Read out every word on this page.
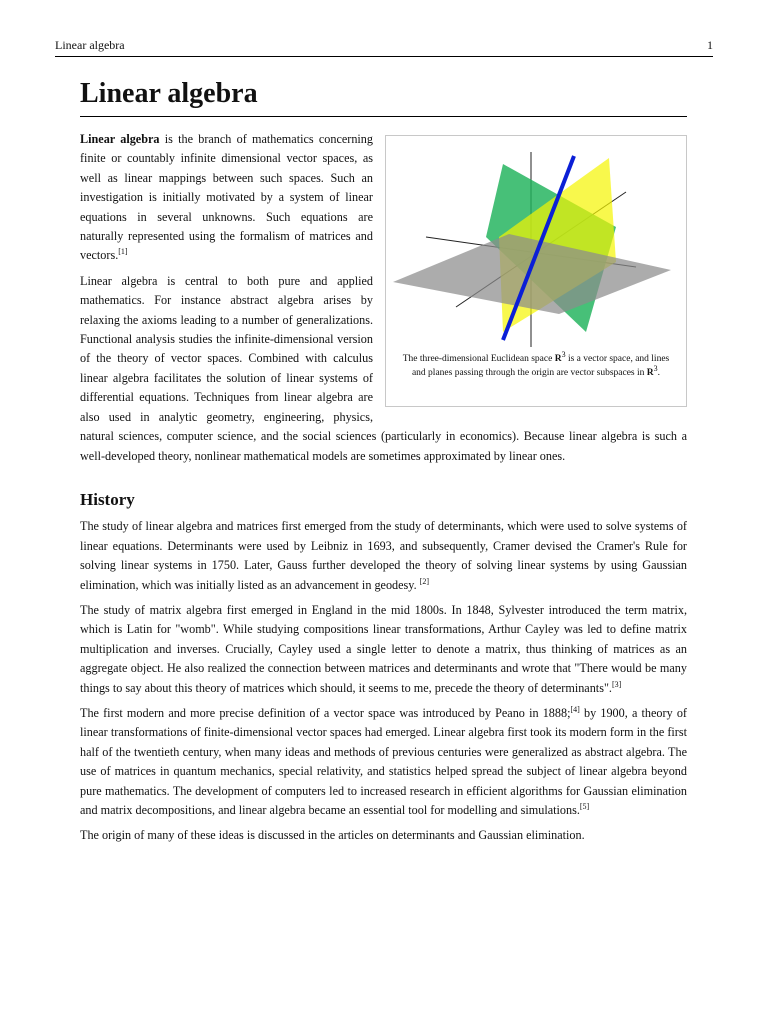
Linear algebra	1
Linear algebra
The three-dimensional Euclidean space $R^3$ is a vector space, and lines and planes passing through the origin are vector subspaces in $R^3$.

Linear algebra is the branch of mathematics concerning finite or countably infinite dimensional vector spaces, as well as linear mappings between such spaces. Such an investigation is initially motivated by a system of linear equations in several unknowns. Such equations are naturally represented using the formalism of matrices and vectors.[1]

Linear algebra is central to both pure and applied mathematics. For instance abstract algebra arises by relaxing the axioms leading to a number of generalizations. Functional analysis studies the infinite-dimensional version of the theory of vector spaces. Combined with calculus linear algebra facilitates the solution of linear systems of differential equations. Techniques from linear algebra are also used in analytic geometry, engineering, physics, natural sciences, computer science, and the social sciences (particularly in economics). Because linear algebra is such a well-developed theory, nonlinear mathematical models are sometimes approximated by linear ones.

History

The study of linear algebra and matrices first emerged from the study of determinants, which were used to solve systems of linear equations. Determinants were used by Leibniz in 1693, and subsequently, Cramer devised the Cramer's Rule for solving linear systems in 1750. Later, Gauss further developed the theory of solving linear systems by using Gaussian elimination, which was initially listed as an advancement in geodesy. [2]

The study of matrix algebra first emerged in England in the mid 1800s. In 1848, Sylvester introduced the term matrix, which is Latin for "womb". While studying compositions linear transformations, Arthur Cayley was led to define matrix multiplication and inverses. Crucially, Cayley used a single letter to denote a matrix, thus thinking of matrices as an aggregate object. He also realized the connection between matrices and determinants and wrote that "There would be many things to say about this theory of matrices which should, it seems to me, precede the theory of determinants".[3]

The first modern and more precise definition of a vector space was introduced by Peano in 1888;[4] by 1900, a theory of linear transformations of finite-dimensional vector spaces had emerged. Linear algebra first took its modern form in the first half of the twentieth century, when many ideas and methods of previous centuries were generalized as abstract algebra. The use of matrices in quantum mechanics, special relativity, and statistics helped spread the subject of linear algebra beyond pure mathematics. The development of computers led to increased research in efficient algorithms for Gaussian elimination and matrix decompositions, and linear algebra became an essential tool for modelling and simulations.[5]

The origin of many of these ideas is discussed in the articles on determinants and Gaussian elimination.
